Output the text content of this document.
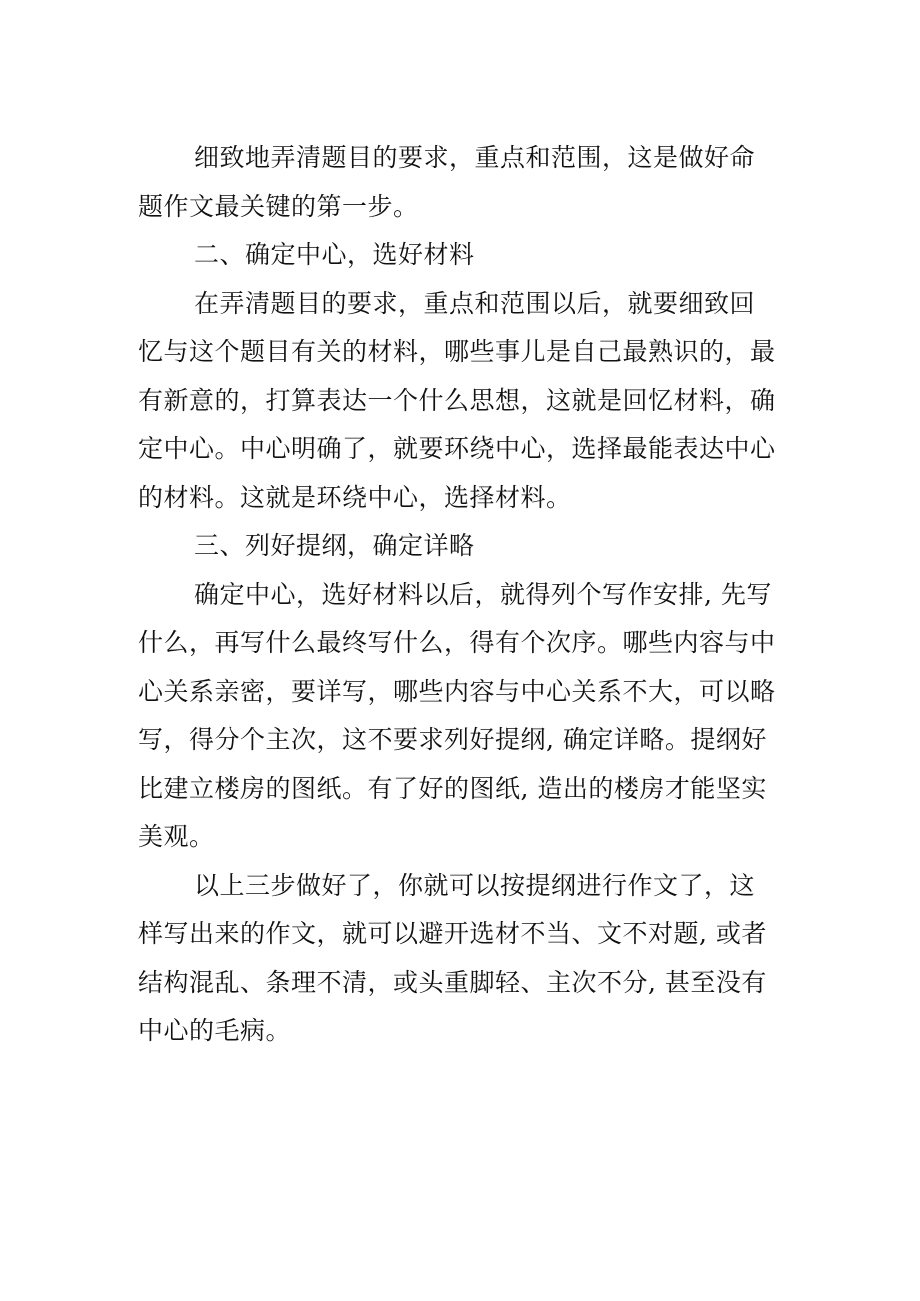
细致地弄清题目的要求，重点和范围，这是做好命
题作文最关键的第一步。
二、确定中心，选好材料
在弄清题目的要求，重点和范围以后，就要细致回
忆与这个题目有关的材料，哪些事儿是自己最熟识的，最
有新意的，打算表达一个什么思想，这就是回忆材料，确
定中心。中心明确了，就要环绕中心，选择最能表达中心
的材料。这就是环绕中心，选择材料。
三、列好提纲，确定详略
确定中心，选好材料以后，就得列个写作安排, 先写
什么，再写什么最终写什么，得有个次序。哪些内容与中
心关系亲密，要详写，哪些内容与中心关系不大，可以略
写，得分个主次，这不要求列好提纲, 确定详略。提纲好
比建立楼房的图纸。有了好的图纸, 造出的楼房才能坚实
美观。
以上三步做好了，你就可以按提纲进行作文了，这
样写出来的作文，就可以避开选材不当、文不对题, 或者
结构混乱、条理不清，或头重脚轻、主次不分, 甚至没有
中心的毛病。
